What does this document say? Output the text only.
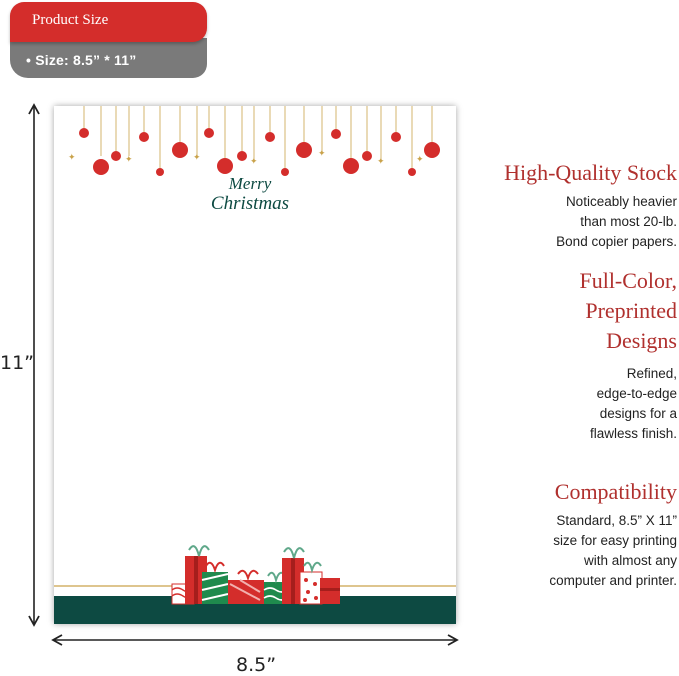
Product Size
• Size: 8.5” * 11”
11”
8.5”
✦	✦	✦	✦
✦
✦	✦
Merry
Christmas
High-Quality Stock
Noticeably heavier
than most 20-lb.
Bond copier papers.
Full-Color,
Preprinted
Designs
Refined,
edge-to-edge
designs for a
flawless finish.
Compatibility
Standard, 8.5” X 11”
size for easy printing
with almost any
computer and printer.
